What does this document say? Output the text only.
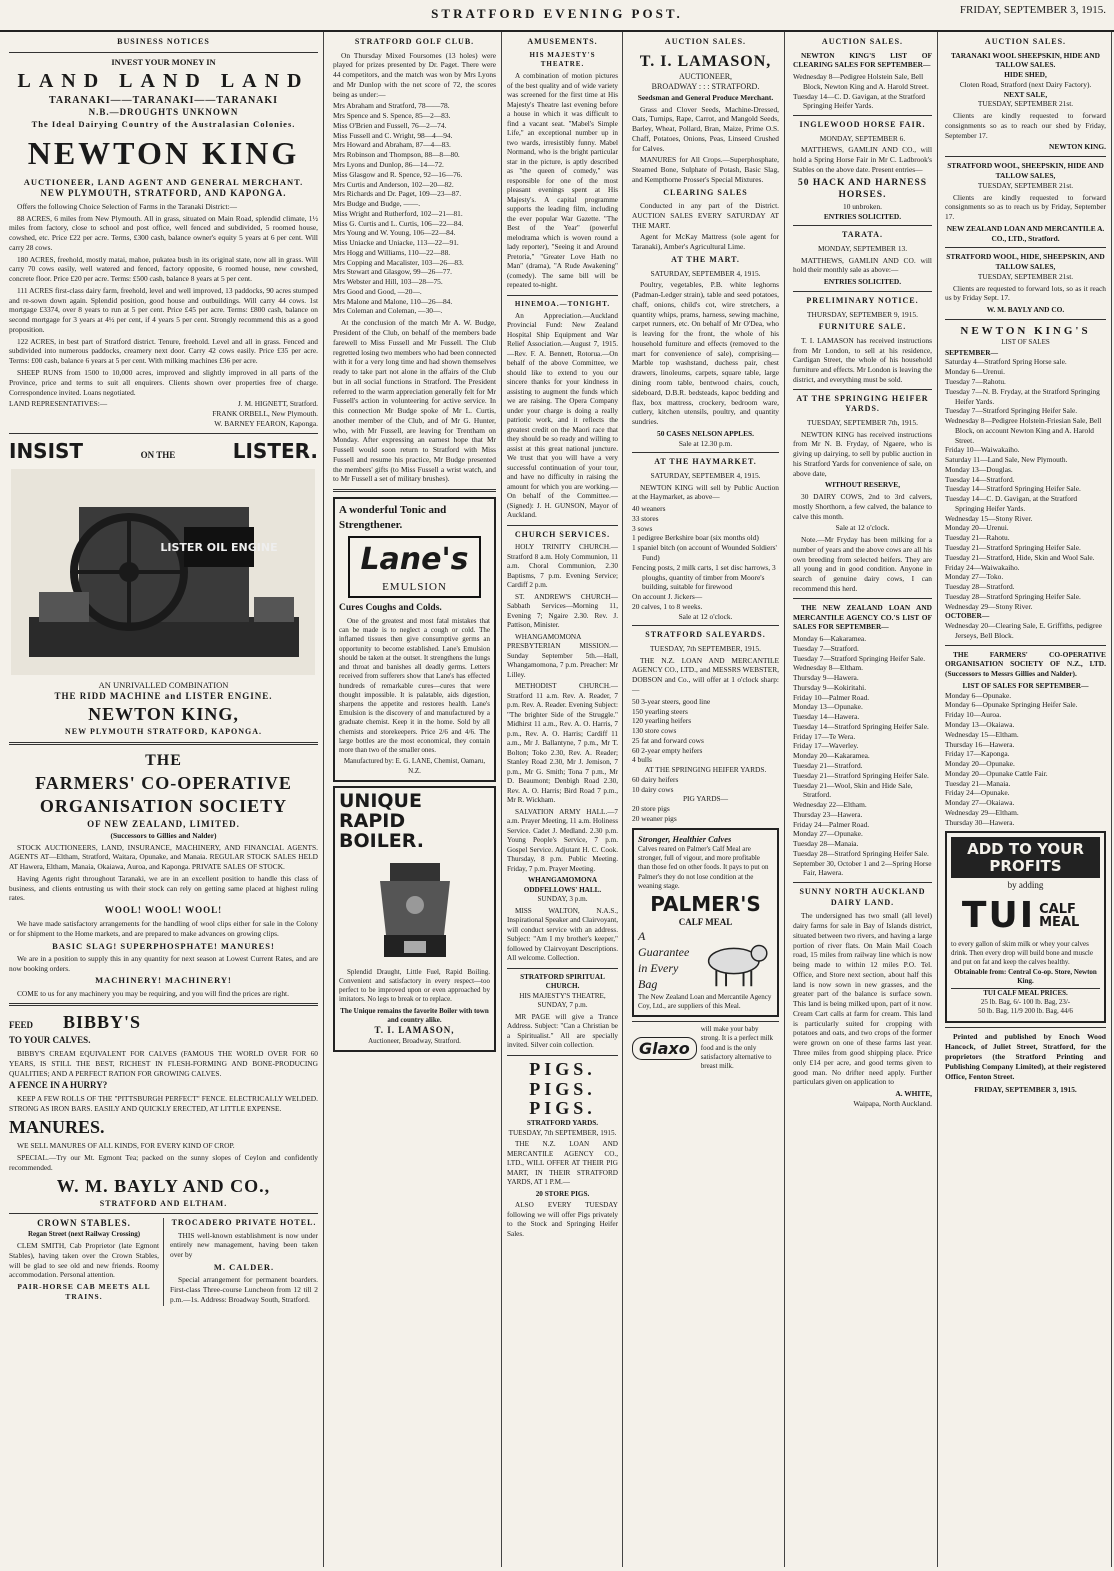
STRATFORD EVENING POST.	FRIDAY, SEPTEMBER 3, 1915.
BUSINESS NOTICES
INVEST YOUR MONEY IN
LAND LAND LAND
TARANAKI——TARANAKI——TARANAKI
N.B.—DROUGHTS UNKNOWN
The Ideal Dairying Country of the Australasian Colonies.
NEWTON KING
AUCTIONEER, LAND AGENT AND GENERAL MERCHANT.
NEW PLYMOUTH, STRATFORD, AND KAPONGA.
Offers the following Choice Selection of Farms in the Taranaki District:—
88 ACRES, 6 miles from New Plymouth. All in grass, situated on Main Road, splendid climate, 1½ miles from factory, close to school and post office, well fenced and subdivided, 5 roomed house, cowshed, etc. Price £22 per acre. Terms, £300 cash, balance owner's equity 5 years at 6 per cent. Will carry 28 cows.
180 ACRES, freehold, mostly matai, mahoe, pukatea bush in its original state, now all in grass. Will carry 70 cows easily, well watered and fenced, factory opposite, 6 roomed house, new cowshed, concrete floor. Price £20 per acre. Terms: £500 cash, balance 8 years at 5 per cent.
111 ACRES first-class dairy farm, freehold, level and well improved, 13 paddocks, 90 acres stumped and re-sown down again. Splendid position, good house and outbuildings. Will carry 44 cows. 1st mortgage £3374, over 8 years to run at 5 per cent. Price £45 per acre. Terms: £800 cash, balance on second mortgage for 3 years at 4½ per cent, if 4 years 5 per cent. Strongly recommend this as a good proposition.
122 ACRES, in best part of Stratford district. Tenure, freehold. Level and all in grass. Fenced and subdivided into numerous paddocks, creamery next door. Carry 42 cows easily. Price £35 per acre. Terms: £00 cash, balance 6 years at 5 per cent. With milking machines £36 per acre.
SHEEP RUNS from 1500 to 10,000 acres, improved and slightly improved in all parts of the Province, price and terms to suit all enquirers. Clients shown over properties free of charge. Correspondence invited. Loans negotiated.
LAND REPRESENTATIVES:—	J. M. HIGNETT, Stratford.
FRANK ORBELL, New Plymouth.
W. BARNEY FEARON, Kaponga.
INSIST	ON THE	LISTER.
LISTER OIL ENGINE
AN UNRIVALLED COMBINATION
THE RIDD MACHINE and LISTER ENGINE.
NEWTON KING,
NEW PLYMOUTH STRATFORD, KAPONGA.
THE
FARMERS' CO-OPERATIVE
ORGANISATION SOCIETY
OF NEW ZEALAND, LIMITED.
(Successors to Gillies and Nalder)
STOCK AUCTIONEERS, LAND, INSURANCE, MACHINERY, AND FINANCIAL AGENTS. AGENTS AT—Eltham, Stratford, Waitara, Opunake, and Manaia. REGULAR STOCK SALES HELD AT Hawera, Eltham, Manaia, Okaiawa, Auroa, and Kaponga. PRIVATE SALES OF STOCK.
Having Agents right throughout Taranaki, we are in an excellent position to handle this class of business, and clients entrusting us with their stock can rely on getting same placed at highest ruling rates.
WOOL! WOOL! WOOL!
We have made satisfactory arrangements for the handling of wool clips either for sale in the Colony or for shipment to the Home markets, and are prepared to make advances on growing clips.
BASIC SLAG! SUPERPHOSPHATE! MANURES!
We are in a position to supply this in any quantity for next season at Lowest Current Rates, and are now booking orders.
MACHINERY! MACHINERY!
COME to us for any machinery you may be requiring, and you will find the prices are right.
FEED BIBBY'S
TO YOUR CALVES.
BIBBY'S CREAM EQUIVALENT FOR CALVES (FAMOUS THE WORLD OVER FOR 60 YEARS, IS STILL THE BEST, RICHEST IN FLESH-FORMING AND BONE-PRODUCING QUALITIES; AND A PERFECT RATION FOR GROWING CALVES.
A FENCE IN A HURRY?
KEEP A FEW ROLLS OF THE "PITTSBURGH PERFECT" FENCE. ELECTRICALLY WELDED. STRONG AS IRON BARS. EASILY AND QUICKLY ERECTED, AT LITTLE EXPENSE.
MANURES.
WE SELL MANURES OF ALL KINDS, FOR EVERY KIND OF CROP.
SPECIAL.—Try our Mt. Egmont Tea; packed on the sunny slopes of Ceylon and confidently recommended.
W. M. BAYLY AND CO.,
STRATFORD AND ELTHAM.
CROWN STABLES.
Regan Street (next Railway Crossing)
CLEM SMITH, Cab Proprietor (late Egmont Stables), having taken over the Crown Stables, will be glad to see old and new friends. Roomy accommodation. Personal attention.
PAIR-HORSE CAB MEETS ALL TRAINS.
TROCADERO PRIVATE HOTEL.
THIS well-known establishment is now under entirely new management, having been taken over by
M. CALDER.
Special arrangement for permanent boarders. First-class Three-course Luncheon from 12 till 2 p.m.—1s. Address: Broadway South, Stratford.
STRATFORD GOLF CLUB.
On Thursday Mixed Foursomes (13 holes) were played for prizes presented by Dr. Paget. There were 44 competitors, and the match was won by Mrs Lyons and Mr Dunlop with the net score of 72, the scores being as under:—
Mrs Abraham and Stratford, 78——78.
Mrs Spence and S. Spence, 85—2—83.
Miss O'Brien and Fussell, 76—2—74.
Miss Fussell and C. Wright, 98—4—94.
Mrs Howard and Abraham, 87—4—83.
Mrs Robinson and Thompson, 88—8—80.
Mrs Lyons and Dunlop, 86—14—72.
Miss Glasgow and R. Spence, 92—16—76.
Mrs Curtis and Anderson, 102—20—82.
Mrs Richards and Dr. Paget, 109—23—87.
Mrs Budge and Budge, ——.
Miss Wright and Rutherford, 102—21—81.
Miss G. Curtis and L. Curtis, 106—22—84.
Mrs Young and W. Young, 106—22—84.
Miss Uniacke and Uniacke, 113—22—91.
Mrs Hogg and Williams, 110—22—88.
Mrs Copping and Macalister, 103—26—83.
Mrs Stewart and Glasgow, 99—26—77.
Mrs Webster and Hill, 103—28—75.
Mrs Good and Good, —20—.
Mrs Malone and Malone, 110—26—84.
Mrs Coleman and Coleman, —30—.
At the conclusion of the match Mr A. W. Budge, President of the Club, on behalf of the members bade farewell to Miss Fussell and Mr Fussell. The Club regretted losing two members who had been connected with it for a very long time and had shown themselves ready to take part not alone in the affairs of the Club but in all social functions in Stratford. The President referred to the warm appreciation generally felt for Mr Fussell's action in volunteering for active service. In this connection Mr Budge spoke of Mr L. Curtis, another member of the Club, and of Mr G. Hunter, who, with Mr Fussell, are leaving for Trentham on Monday. After expressing an earnest hope that Mr Fussell would soon return to Stratford with Miss Fussell and resume his practice, Mr Budge presented the members' gifts (to Miss Fussell a wrist watch, and to Mr Fussell a set of military brushes).
A wonderful Tonic and Strengthener.
Lane's
EMULSION
Cures Coughs and Colds.
One of the greatest and most fatal mistakes that can be made is to neglect a cough or cold. The inflamed tissues then give consumptive germs an opportunity to become established. Lane's Emulsion should be taken at the outset. It strengthens the lungs and throat and banishes all deadly germs. Letters received from sufferers show that Lane's has effected hundreds of remarkable cures—cures that were thought impossible. It is palatable, aids digestion, sharpens the appetite and restores health. Lane's Emulsion is the discovery of and manufactured by a graduate chemist. Keep it in the home. Sold by all chemists and storekeepers. Price 2/6 and 4/6. The large bottles are the most economical, they contain more than two of the smaller ones.
Manufactured by: E. G. LANE, Chemist, Oamaru, N.Z.
UNIQUE RAPID BOILER.
Splendid Draught, Little Fuel, Rapid Boiling. Convenient and satisfactory in every respect—too perfect to be improved upon or even approached by imitators. No legs to break or to replace.
The Unique remains the favorite Boiler with town and country alike.
T. I. LAMASON,
Auctioneer, Broadway, Stratford.
AMUSEMENTS.
HIS MAJESTY'S THEATRE.
A combination of motion pictures of the best quality and of wide variety was screened for the first time at His Majesty's Theatre last evening before a house in which it was difficult to find a vacant seat. "Mabel's Simple Life," an exceptional number up in two wards, irresistibly funny. Mabel Normand, who is the bright particular star in the picture, is aptly described as "the queen of comedy," was responsible for one of the most pleasant evenings spent at His Majesty's. A capital programme supports the leading film, including the ever popular War Gazette. "The Best of the Year" (powerful melodrama which is woven round a lady reporter), "Seeing it and Around Pretoria," "Greater Love Hath no Man" (drama), "A Rude Awakening" (comedy). The same bill will be repeated to-night.
HINEMOA.—TONIGHT.
An Appreciation.—Auckland Provincial Fund: New Zealand Hospital Ship Equipment and War Relief Association.—August 7, 1915.—Rev. F. A. Bennett, Rotorua.—On behalf of the above Committee, we should like to extend to you our sincere thanks for your kindness in assisting to augment the funds which we are raising. The Opera Company under your charge is doing a really patriotic work, and it reflects the greatest credit on the Maori race that they should be so ready and willing to assist at this great national juncture. We trust that you will have a very successful continuation of your tour, and have no difficulty in raising the amount for which you are working.—On behalf of the Committee.—(Signed): J. H. GUNSON, Mayor of Auckland.
CHURCH SERVICES.
HOLY TRINITY CHURCH.—Stratford 8 a.m. Holy Communion, 11 a.m. Choral Communion, 2.30 Baptisms, 7 p.m. Evening Service; Cardiff 2 p.m.
ST. ANDREW'S CHURCH—Sabbath Services—Morning 11, Evening 7; Ngaire 2.30. Rev. J. Pattison, Minister.
WHANGAMOMONA PRESBYTERIAN MISSION.—Sunday September 5th.—Hall, Whangamomona, 7 p.m. Preacher: Mr Lilley.
METHODIST CHURCH.—Stratford 11 a.m. Rev. A. Reader, 7 p.m. Rev. A. Reader. Evening Subject: "The brighter Side of the Struggle." Midhirst 11 a.m., Rev. A. O. Harris, 7 p.m., Rev. A. O. Harris; Cardiff 11 a.m., Mr J. Ballantyne, 7 p.m., Mr T. Bolton; Toko 2.30, Rev. A. Reader; Stanley Road 2.30, Mr J. Jemison, 7 p.m., Mr G. Smith; Tona 7 p.m., Mr D. Beaumont; Denbigh Road 2.30, Rev. A. O. Harris; Bird Road 7 p.m., Mr R. Wickham.
SALVATION ARMY HALL.—7 a.m. Prayer Meeting, 11 a.m. Holiness Service. Cadet J. Medland. 2.30 p.m. Young People's Service, 7 p.m. Gospel Service. Adjutant H. C. Cook. Thursday, 8 p.m. Public Meeting. Friday, 7 p.m. Prayer Meeting.
WHANGAMOMONA ODDFELLOWS' HALL.
SUNDAY, 3 p.m.
MISS WALTON, N.A.S., Inspirational Speaker and Clairvoyant, will conduct service with an address. Subject: "Am I my brother's keeper," followed by Clairvoyant Descriptions. All welcome. Collection.
STRATFORD SPIRITUAL CHURCH.
HIS MAJESTY'S THEATRE,
SUNDAY, 7 p.m.
MR PAGE will give a Trance Address. Subject: "Can a Christian be a Spiritualist." All are specially invited. Silver coin collection.
PIGS. PIGS. PIGS.
STRATFORD YARDS.
TUESDAY, 7th SEPTEMBER, 1915.
THE N.Z. LOAN AND MERCANTILE AGENCY CO., LTD., WILL OFFER AT THEIR PIG MART, IN THEIR STRATFORD YARDS, AT 1 P.M.—
20 STORE PIGS.
ALSO EVERY TUESDAY following we will offer Pigs privately to the Stock and Springing Heifer Sales.
AUCTION SALES.
T. I. LAMASON,
AUCTIONEER,
BROADWAY : : : STRATFORD.
Seedsman and General Produce Merchant.
Grass and Clover Seeds, Machine-Dressed, Oats, Turnips, Rape, Carrot, and Mangold Seeds, Barley, Wheat, Pollard, Bran, Maize, Prime O.S. Chaff, Potatoes, Onions, Peas, Linseed Crushed for Calves.
MANURES for All Crops.—Superphosphate, Steamed Bone, Sulphate of Potash, Basic Slag, and Kempthorne Prosser's Special Mixtures.
CLEARING SALES
Conducted in any part of the District. AUCTION SALES EVERY SATURDAY AT THE MART.
Agent for McKay Mattress (sole agent for Taranaki), Amber's Agricultural Lime.
AT THE MART.
SATURDAY, SEPTEMBER 4, 1915.
Poultry, vegetables, P.B. white leghorns (Padman-Ledger strain), table and seed potatoes, chaff, onions, child's cot, wire stretchers, a quantity whips, prams, harness, sewing machine, carpet runners, etc. On behalf of Mr O'Dea, who is leaving for the front, the whole of his household furniture and effects (removed to the mart for convenience of sale), comprising— Marble top washstand, duchess pair, chest drawers, linoleums, carpets, square table, large dining room table, bentwood chairs, couch, sideboard, D.B.R. bedsteads, kapoc bedding and flax, box mattress, crockery, bedroom ware, cutlery, kitchen utensils, poultry, and quantity sundries.
50 CASES NELSON APPLES.
Sale at 12.30 p.m.
AT THE HAYMARKET.
SATURDAY, SEPTEMBER 4, 1915.
NEWTON KING will sell by Public Auction at the Haymarket, as above—
40 weaners
33 stores
3 sows
1 pedigree Berkshire boar (six months old)
1 spaniel bitch (on account of Wounded Soldiers' Fund)
Fencing posts, 2 milk carts, 1 set disc harrows, 3 ploughs, quantity of timber from Moore's building, suitable for firewood
On account J. Jickers—
20 calves, 1 to 8 weeks.
Sale at 12 o'clock.
STRATFORD SALEYARDS.
TUESDAY, 7th SEPTEMBER, 1915.
THE N.Z. LOAN AND MERCANTILE AGENCY CO., LTD., and MESSRS WEBSTER, DOBSON and Co., will offer at 1 o'clock sharp:—
50 3-year steers, good line
150 yearling steers
120 yearling heifers
130 store cows
25 fat and forward cows
60 2-year empty heifers
4 bulls
AT THE SPRINGING HEIFER YARDS.
60 dairy heifers
10 dairy cows
PIG YARDS—
20 store pigs
20 weaner pigs
Stronger, Healthier Calves
Calves reared on Palmer's Calf Meal are stronger, full of vigour, and more profitable than those fed on other foods. It pays to put on Palmer's they do not lose condition at the weaning stage.
PALMER'S
CALF MEAL
A Guarantee in Every Bag
The New Zealand Loan and Mercantile Agency Coy, Ltd., are suppliers of this Meal.
Glaxo
will make your baby strong. It is a perfect milk food and is the only satisfactory alternative to breast milk.
AUCTION SALES.
NEWTON KING'S LIST OF CLEARING SALES FOR SEPTEMBER—
Wednesday 8—Pedigree Holstein Sale, Bell Block, Newton King and A. Harold Street.
Tuesday 14—C. D. Gavigan, at the Stratford Springing Heifer Yards.
INGLEWOOD HORSE FAIR.
MONDAY, SEPTEMBER 6.
MATTHEWS, GAMLIN AND CO., will hold a Spring Horse Fair in Mr C. Ladbrook's Stables on the above date. Present entries—
50 HACK AND HARNESS HORSES.
10 unbroken.
ENTRIES SOLICITED.
TARATA.
MONDAY, SEPTEMBER 13.
MATTHEWS, GAMLIN AND CO. will hold their monthly sale as above:—
ENTRIES SOLICITED.
PRELIMINARY NOTICE.
THURSDAY, SEPTEMBER 9, 1915.
FURNITURE SALE.
T. I. LAMASON has received instructions from Mr London, to sell at his residence, Cardigan Street, the whole of his household furniture and effects. Mr London is leaving the district, and everything must be sold.
AT THE SPRINGING HEIFER YARDS.
TUESDAY, SEPTEMBER 7th, 1915.
NEWTON KING has received instructions from Mr N. B. Fryday, of Ngaere, who is giving up dairying, to sell by public auction in his Stratford Yards for convenience of sale, on above date,
WITHOUT RESERVE,
30 DAIRY COWS, 2nd to 3rd calvers, mostly Shorthorn, a few calved, the balance to calve this month.
Sale at 12 o'clock.
Note.—Mr Fryday has been milking for a number of years and the above cows are all his own breeding from selected heifers. They are all young and in good condition. Anyone in search of genuine dairy cows, I can recommend this herd.
THE NEW ZEALAND LOAN AND MERCANTILE AGENCY CO.'S LIST OF SALES FOR SEPTEMBER—
Monday 6—Kakaramea.
Tuesday 7—Stratford.
Tuesday 7—Stratford Springing Heifer Sale.
Wednesday 8—Eltham.
Thursday 9—Hawera.
Thursday 9—Kokiritahi.
Friday 10—Palmer Road.
Monday 13—Opunake.
Tuesday 14—Hawera.
Tuesday 14—Stratford Springing Heifer Sale.
Friday 17—Te Wera.
Friday 17—Waverley.
Monday 20—Kakaramea.
Tuesday 21—Stratford.
Tuesday 21—Stratford Springing Heifer Sale.
Tuesday 21—Wool, Skin and Hide Sale, Stratford.
Wednesday 22—Eltham.
Thursday 23—Hawera.
Friday 24—Palmer Road.
Monday 27—Opunake.
Tuesday 28—Manaia.
Tuesday 28—Stratford Springing Heifer Sale.
September 30, October 1 and 2—Spring Horse Fair, Hawera.
SUNNY NORTH AUCKLAND DAIRY LAND.
The undersigned has two small (all level) dairy farms for sale in Bay of Islands district, situated between two rivers, and having a large portion of river flats. On Main Mail Coach road, 15 miles from railway line which is now being made to within 12 miles P.O. Tel. Office, and Store next section, about half this land is now sown in new grasses, and the greater part of the balance is surface sown. This land is being milked upon, part of it now. Cream Cart calls at farm for cream. This land is particularly suited for cropping with potatoes and oats, and two crops of the former were grown on one of these farms last year. Three miles from good shipping place. Price only £14 per acre, and good terms given to good man. No drifter need apply. Further particulars given on application to
A. WHITE,
Waipapa, North Auckland.
AUCTION SALES.
TARANAKI WOOL SHEEPSKIN, HIDE AND TALLOW SALES.
HIDE SHED,
Cloten Road, Stratford (next Dairy Factory).
NEXT SALE,
TUESDAY, SEPTEMBER 21st.
Clients are kindly requested to forward consignments so as to reach our shed by Friday, September 17.
NEWTON KING.
STRATFORD WOOL, SHEEPSKIN, HIDE AND TALLOW SALES,
TUESDAY, SEPTEMBER 21st.
Clients are kindly requested to forward consignments so as to reach us by Friday, September 17.
NEW ZEALAND LOAN AND MERCANTILE A. CO., LTD., Stratford.
STRATFORD WOOL, HIDE, SHEEPSKIN, AND TALLOW SALES,
TUESDAY, SEPTEMBER 21st.
Clients are requested to forward lots, so as it reach us by Friday Sept. 17.
W. M. BAYLY AND CO.
NEWTON KING'S
LIST OF SALES
SEPTEMBER—
Saturday 4—Stratford Spring Horse sale.
Monday 6—Urenui.
Tuesday 7—Rahotu.
Tuesday 7—N. B. Fryday, at the Stratford Springing Heifer Yards.
Tuesday 7—Stratford Springing Heifer Sale.
Wednesday 8—Pedigree Holstein-Friesian Sale, Bell Block, on account Newton King and A. Harold Street.
Friday 10—Waiwakaiho.
Saturday 11—Land Sale, New Plymouth.
Monday 13—Douglas.
Tuesday 14—Stratford.
Tuesday 14—Stratford Springing Heifer Sale.
Tuesday 14—C. D. Gavigan, at the Stratford Springing Heifer Yards.
Wednesday 15—Stony River.
Monday 20—Urenui.
Tuesday 21—Rahotu.
Tuesday 21—Stratford Springing Heifer Sale.
Tuesday 21—Stratford, Hide, Skin and Wool Sale.
Friday 24—Waiwakaiho.
Monday 27—Toko.
Tuesday 28—Stratford.
Tuesday 28—Stratford Springing Heifer Sale.
Wednesday 29—Stony River.
OCTOBER—
Wednesday 20—Clearing Sale, E. Griffiths, pedigree Jerseys, Bell Block.
THE FARMERS' CO-OPERATIVE ORGANISATION SOCIETY OF N.Z., LTD. (Successors to Messrs Gillies and Nalder).
LIST OF SALES FOR SEPTEMBER—
Monday 6—Opunake.
Monday 6—Opunake Springing Heifer Sale.
Friday 10—Auroa.
Monday 13—Okaiawa.
Wednesday 15—Eltham.
Thursday 16—Hawera.
Friday 17—Kaponga.
Monday 20—Opunake.
Monday 20—Opunake Cattle Fair.
Tuesday 21—Manaia.
Friday 24—Opunake.
Monday 27—Okaiawa.
Wednesday 29—Eltham.
Thursday 30—Hawera.
ADD TO YOUR PROFITS
by adding
TUI CALF MEAL
to every gallon of skim milk or whey your calves drink. Then every drop will build bone and muscle and put on fat and keep the calves healthy.
Obtainable from: Central Co-op. Store, Newton King.
TUI CALF MEAL PRICES.
25 lb. Bag, 6/- 100 lb. Bag, 23/-
50 lb. Bag, 11/9 200 lb. Bag, 44/6
Printed and published by Enoch Wood Hancock, of Juliet Street, Stratford, for the proprietors (the Stratford Printing and Publishing Company Limited), at their registered Office, Fenton Street.
FRIDAY, SEPTEMBER 3, 1915.
